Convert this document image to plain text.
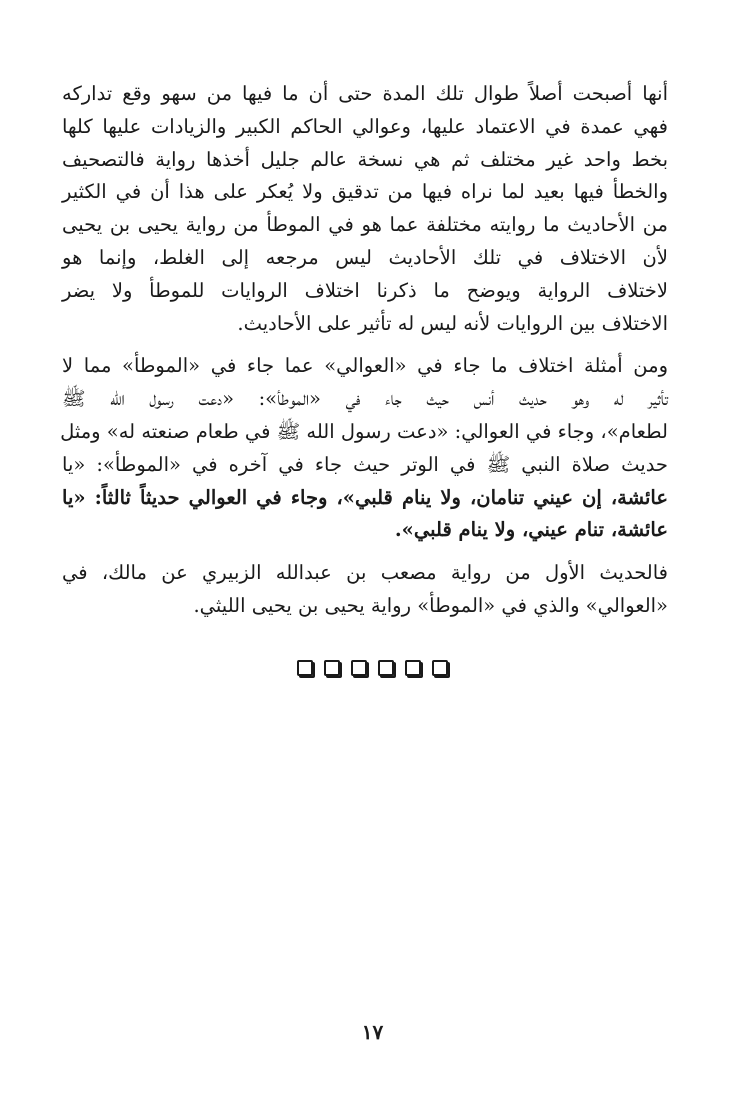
أنها أصبحت أصلاً طوال تلك المدة حتى أن ما فيها من سهو وقع تداركه
فهي عمدة في الاعتماد عليها، وعوالي الحاكم الكبير والزيادات عليها كلها
بخط واحد غير مختلف ثم هي نسخة عالم جليل أخذها رواية فالتصحيف
والخطأ فيها بعيد لما نراه فيها من تدقيق ولا يُعكر على هذا أن في الكثير
من الأحاديث ما روايته مختلفة عما هو في الموطأ من رواية يحيى بن يحيى
لأن الاختلاف في تلك الأحاديث ليس مرجعه إلى الغلط، وإنما هو
لاختلاف الرواية ويوضح ما ذكرنا اختلاف الروايات للموطأ ولا يضر
الاختلاف بين الروايات لأنه ليس له تأثير على الأحاديث.

ومن أمثلة اختلاف ما جاء في «العوالي» عما جاء في «الموطأ» مما لا
تأثير له وهو حديث أنس حيث جاء في «الموطأ»: «دعت رسول الله ﷺ
لطعام»، وجاء في العوالي: «دعت رسول الله ﷺ في طعام صنعته له» ومثل
حديث صلاة النبي ﷺ في الوتر حيث جاء في آخره في «الموطأ»: «يا
عائشة، إن عيني تنامان، ولا ينام قلبي»، وجاء في العوالي حديثاً ثالثاً: «يا
عائشة، تنام عيني، ولا ينام قلبي».

فالحديث الأول من رواية مصعب بن عبدالله الزبيري عن مالك، في
«العوالي» والذي في «الموطأ» رواية يحيى بن يحيى الليثي.

١٧
